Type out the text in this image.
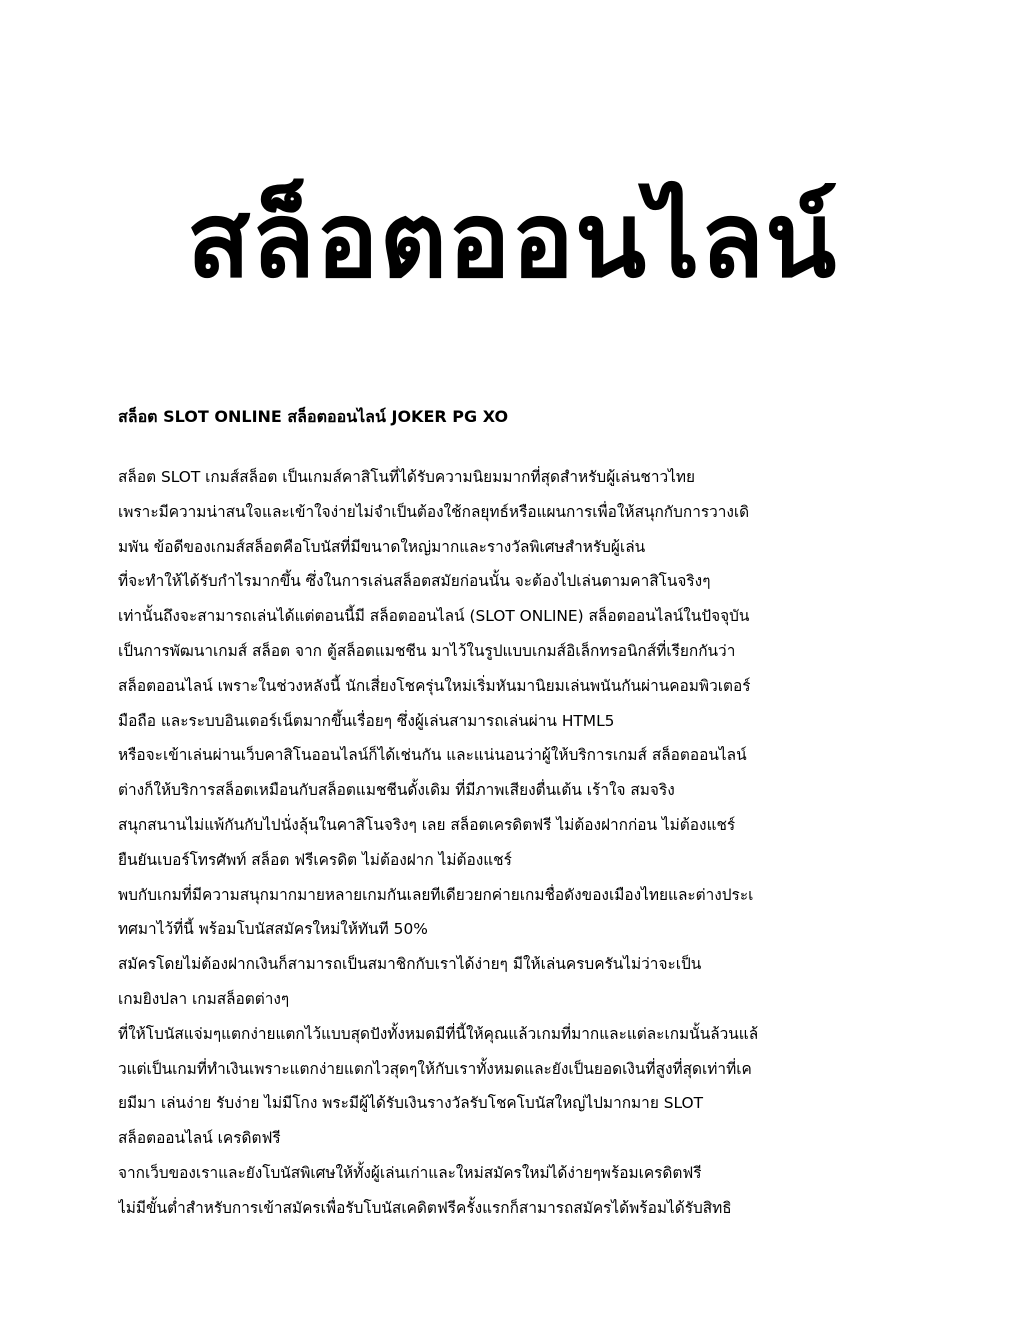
สล็อตออนไลน์
สล็อต SLOT ONLINE สล็อตออนไลน์ JOKER PG XO
สล็อต SLOT เกมส์สล็อต เป็นเกมส์คาสิโนที่ได้รับความนิยมมากที่สุดสำหรับผู้เล่นชาวไทย
เพราะมีความน่าสนใจและเข้าใจง่ายไม่จำเป็นต้องใช้กลยุทธ์หรือแผนการเพื่อให้สนุกกับการวางเดิ
มพัน ข้อดีของเกมส์สล็อตคือโบนัสที่มีขนาดใหญ่มากและรางวัลพิเศษสำหรับผู้เล่น
ที่จะทำให้ได้รับกำไรมากขึ้น ซึ่งในการเล่นสล็อตสมัยก่อนนั้น จะต้องไปเล่นตามคาสิโนจริงๆ
เท่านั้นถึงจะสามารถเล่นได้แต่ตอนนี้มี สล็อตออนไลน์ (SLOT ONLINE) สล็อตออนไลน์ในปัจจุบัน
เป็นการพัฒนาเกมส์ สล็อต จาก ตู้สล็อตแมชชีน มาไว้ในรูปแบบเกมส์อิเล็กทรอนิกส์ที่เรียกกันว่า
สล็อตออนไลน์ เพราะในช่วงหลังนี้ นักเสี่ยงโชครุ่นใหม่เริ่มหันมานิยมเล่นพนันกันผ่านคอมพิวเตอร์
มือถือ และระบบอินเตอร์เน็ตมากขึ้นเรื่อยๆ ซึ่งผู้เล่นสามารถเล่นผ่าน HTML5
หรือจะเข้าเล่นผ่านเว็บคาสิโนออนไลน์ก็ได้เช่นกัน และแน่นอนว่าผู้ให้บริการเกมส์ สล็อตออนไลน์
ต่างก็ให้บริการสล็อตเหมือนกับสล็อตแมชชีนดั้งเดิม ที่มีภาพเสียงตื่นเต้น เร้าใจ สมจริง
สนุกสนานไม่แพ้กันกับไปนั่งลุ้นในคาสิโนจริงๆ เลย สล็อตเครดิตฟรี ไม่ต้องฝากก่อน ไม่ต้องแชร์
ยืนยันเบอร์โทรศัพท์ สล็อต ฟรีเครดิต ไม่ต้องฝาก ไม่ต้องแชร์
พบกับเกมที่มีความสนุกมากมายหลายเกมกันเลยทีเดียวยกค่ายเกมชื่อดังของเมืองไทยและต่างประเ
ทศมาไว้ที่นี้ พร้อมโบนัสสมัครใหม่ให้ทันที 50%
สมัครโดยไม่ต้องฝากเงินก็สามารถเป็นสมาชิกกับเราได้ง่ายๆ มีให้เล่นครบครันไม่ว่าจะเป็น
เกมยิงปลา เกมสล็อตต่างๆ
ที่ให้โบนัสแจ่มๆแตกง่ายแตกไว้แบบสุดปังทั้งหมดมีที่นี้ให้คุณแล้วเกมที่มากและแต่ละเกมนั้นล้วนแล้
วแต่เป็นเกมที่ทำเงินเพราะแตกง่ายแตกไวสุดๆให้กับเราทั้งหมดและยังเป็นยอดเงินที่สูงที่สุดเท่าที่เค
ยมีมา เล่นง่าย รับง่าย ไม่มีโกง พระมีผู้ได้รับเงินรางวัลรับโชคโบนัสใหญ่ไปมากมาย SLOT
สล็อตออนไลน์ เครดิตฟรี
จากเว็บของเราและยังโบนัสพิเศษให้ทั้งผู้เล่นเก่าและใหม่สมัครใหม่ได้ง่ายๆพร้อมเครดิตฟรี
ไม่มีขั้นต่ำสำหรับการเข้าสมัครเพื่อรับโบนัสเคดิตฟรีครั้งแรกก็สามารถสมัครได้พร้อมได้รับสิทธิ
